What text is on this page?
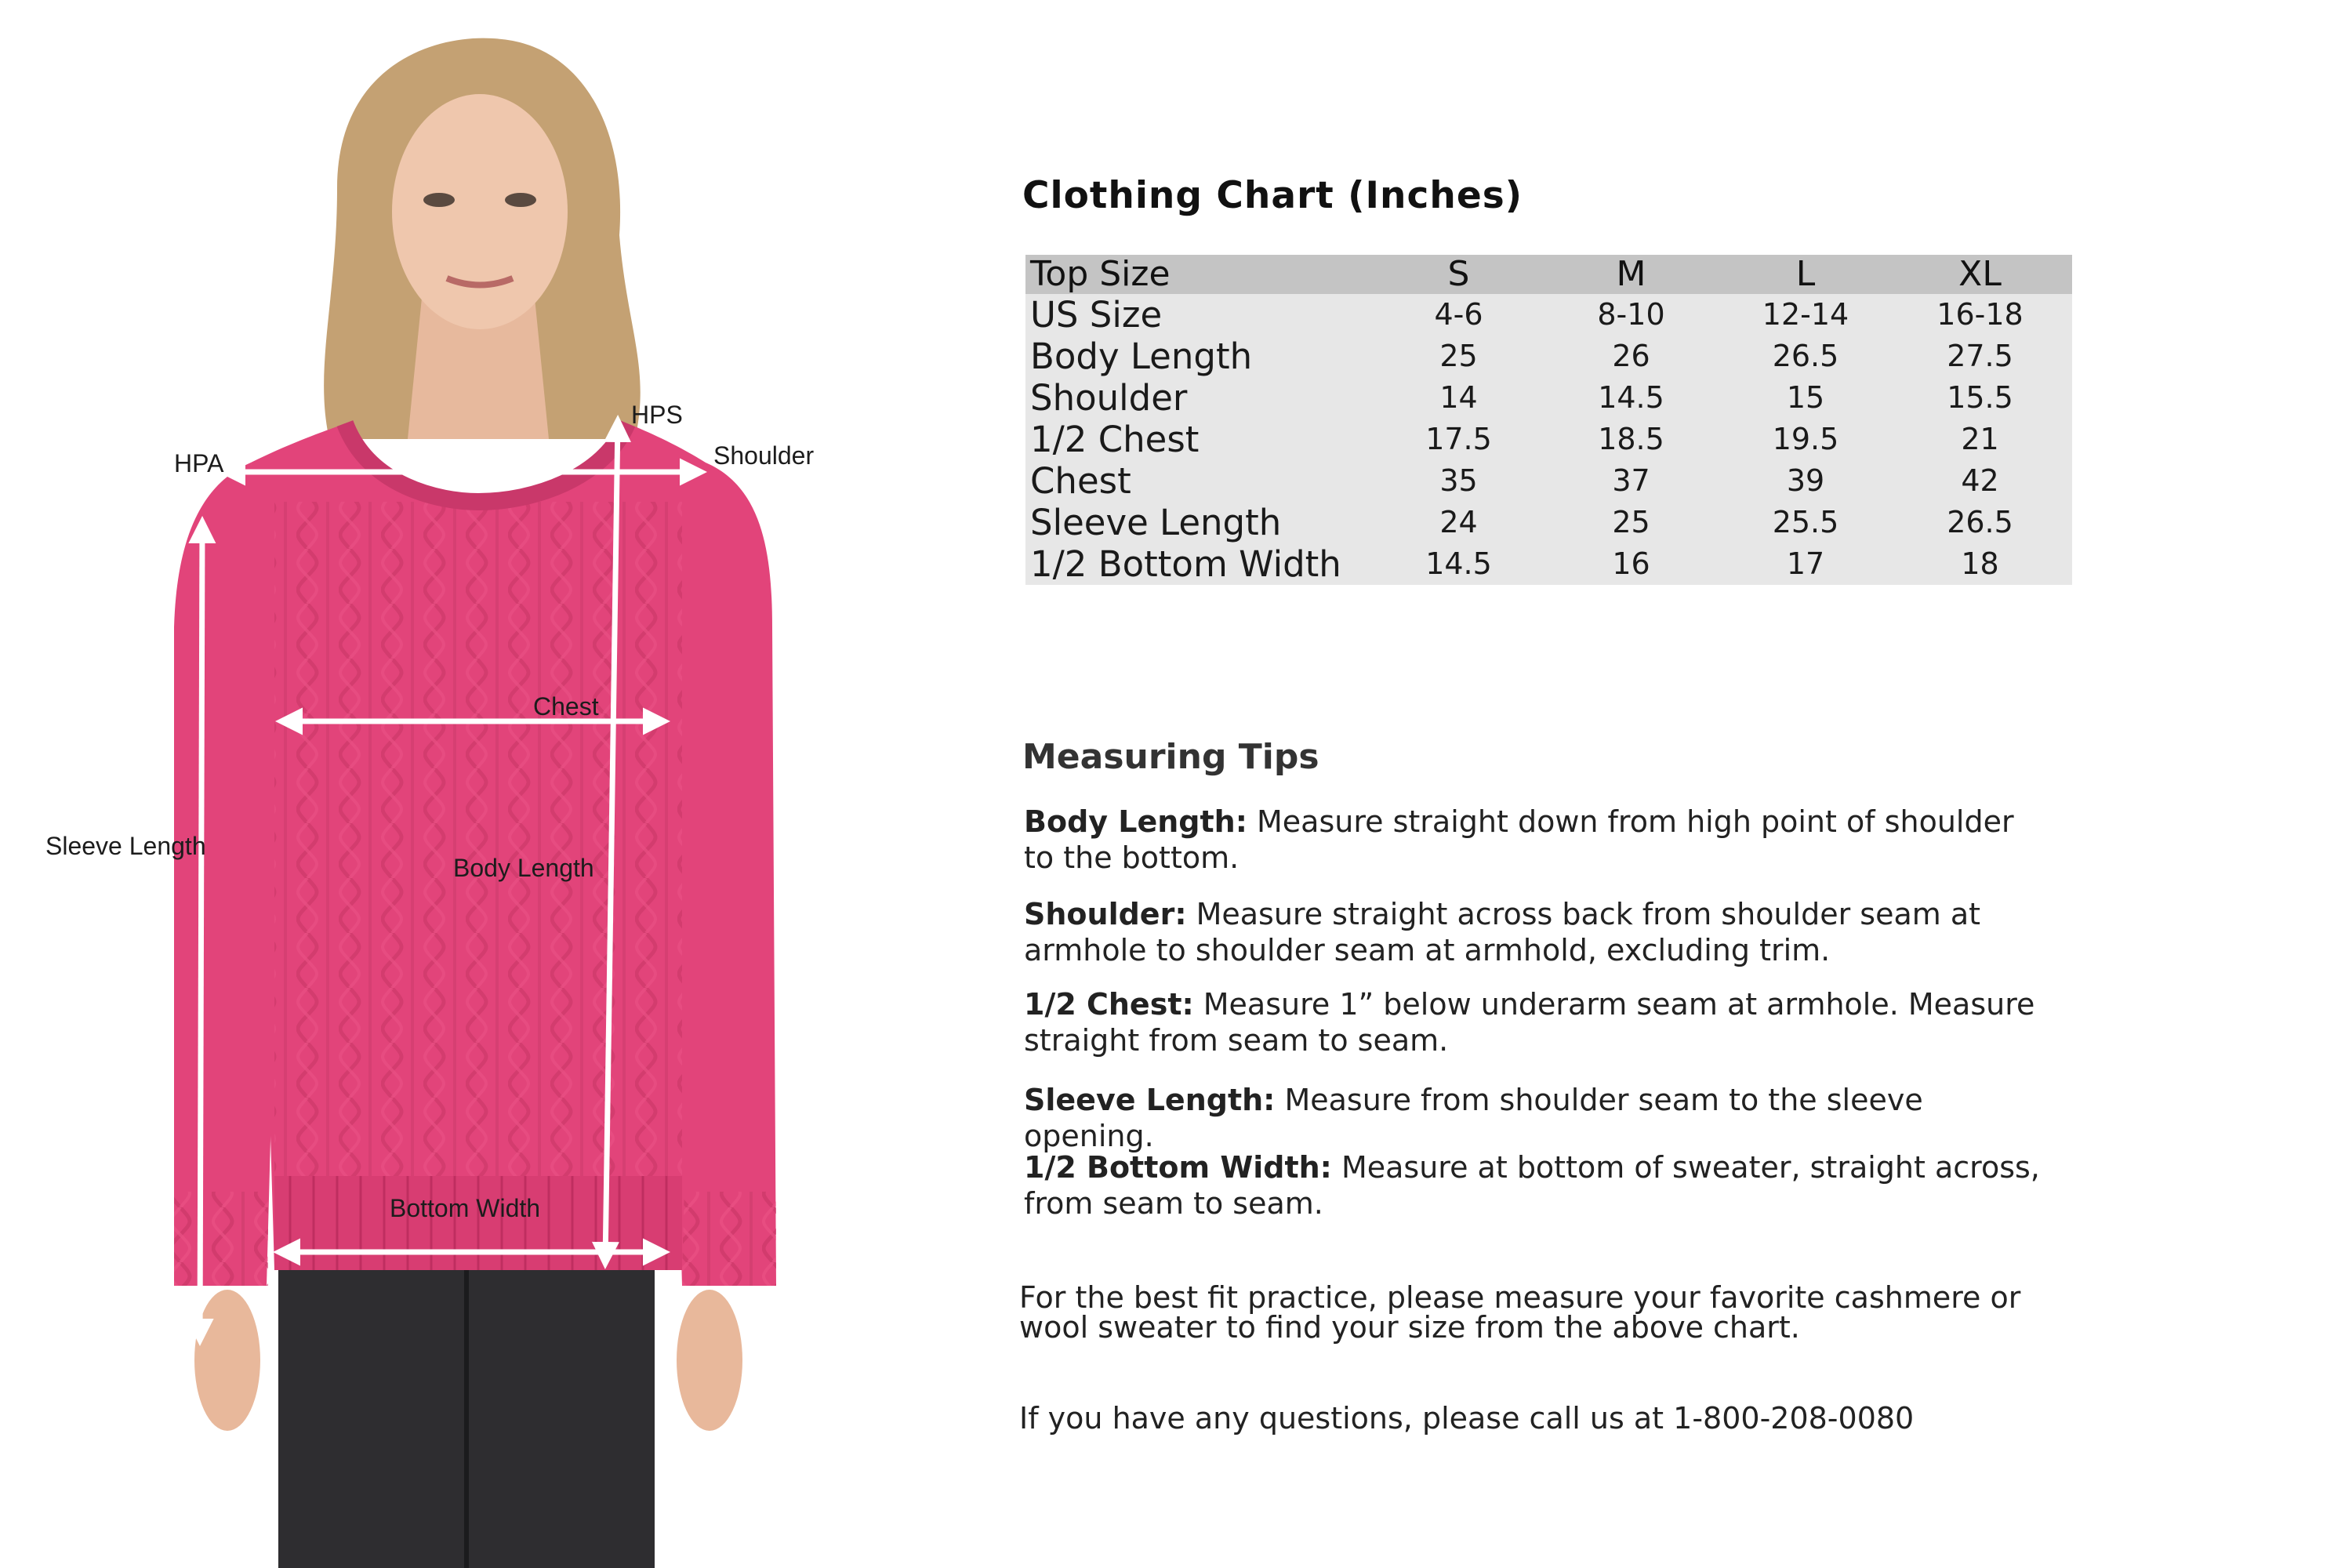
HPA
HPS
Shoulder
Chest
Sleeve Length
Body Length
Bottom Width
Clothing Chart (Inches)
Top Size	S	M	L	XL
US Size	4-6	8-10	12-14	16-18
Body Length	25	26	26.5	27.5
Shoulder	14	14.5	15	15.5
1/2 Chest	17.5	18.5	19.5	21
Chest	35	37	39	42
Sleeve Length	24	25	25.5	26.5
1/2 Bottom Width	14.5	16	17	18
Measuring Tips

Body Length: Measure straight down from high point of shoulder to the bottom.

Shoulder: Measure straight across back from shoulder seam at armhole to shoulder seam at armhold, excluding trim.

1/2 Chest: Measure 1” below underarm seam at armhole. Measure straight from seam to seam.

Sleeve Length: Measure from shoulder seam to the sleeve opening.

1/2 Bottom Width: Measure at bottom of sweater, straight across, from seam to seam.

For the best fit practice, please measure your favorite cashmere or wool sweater to find your size from the above chart.

If you have any questions, please call us at 1-800-208-0080
